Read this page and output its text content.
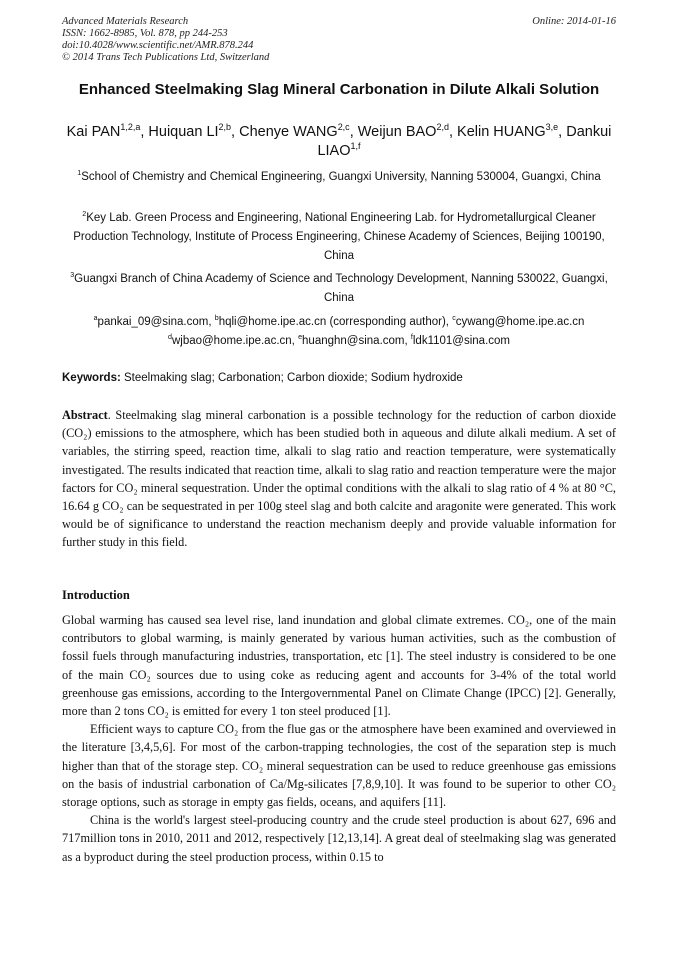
Advanced Materials Research
ISSN: 1662-8985, Vol. 878, pp 244-253
doi:10.4028/www.scientific.net/AMR.878.244
© 2014 Trans Tech Publications Ltd, Switzerland
Online: 2014-01-16
Enhanced Steelmaking Slag Mineral Carbonation in Dilute Alkali Solution
Kai PAN$^{1,2,a}$, Huiquan LI$^{2,b}$, Chenye WANG$^{2,c}$, Weijun BAO$^{2,d}$, Kelin HUANG$^{3,e}$, Dankui LIAO$^{1,f}$
$^1$School of Chemistry and Chemical Engineering, Guangxi University, Nanning 530004, Guangxi, China
$^2$Key Lab. Green Process and Engineering, National Engineering Lab. for Hydrometallurgical Cleaner Production Technology, Institute of Process Engineering, Chinese Academy of Sciences, Beijing 100190, China
$^3$Guangxi Branch of China Academy of Science and Technology Development, Nanning 530022, Guangxi, China
$^a$pankai_09@sina.com, $^b$hqli@home.ipe.ac.cn (corresponding author), $^c$cywang@home.ipe.ac.cn
$^d$wjbao@home.ipe.ac.cn, $^e$huanghn@sina.com, $^f$ldk1101@sina.com
Keywords: Steelmaking slag; Carbonation; Carbon dioxide; Sodium hydroxide

Abstract. Steelmaking slag mineral carbonation is a possible technology for the reduction of carbon dioxide (CO₂) emissions to the atmosphere, which has been studied both in aqueous and dilute alkali medium. A set of variables, the stirring speed, reaction time, alkali to slag ratio and reaction temperature, were systematically investigated. The results indicated that reaction time, alkali to slag ratio and reaction temperature were the major factors for CO₂ mineral sequestration. Under the optimal conditions with the alkali to slag ratio of 4 % at 80 °C, 16.64 g CO₂ can be sequestrated in per 100g steel slag and both calcite and aragonite were generated. This work would be of significance to understand the reaction mechanism deeply and provide valuable information for further study in this field.

Introduction

Global warming has caused sea level rise, land inundation and global climate extremes. CO₂, one of the main contributors to global warming, is mainly generated by various human activities, such as the combustion of fossil fuels through manufacturing industries, transportation, etc [1]. The steel industry is considered to be one of the main CO₂ sources due to using coke as reducing agent and accounts for 3-4% of the total world greenhouse gas emissions, according to the Intergovernmental Panel on Climate Change (IPCC) [2]. Generally, more than 2 tons CO₂ is emitted for every 1 ton steel produced [1].

Efficient ways to capture CO₂ from the flue gas or the atmosphere have been examined and overviewed in the literature [3,4,5,6]. For most of the carbon-trapping technologies, the cost of the separation step is much higher than that of the storage step. CO₂ mineral sequestration can be used to reduce greenhouse gas emissions on the basis of industrial carbonation of Ca/Mg-silicates [7,8,9,10]. It was found to be superior to other CO₂ storage options, such as storage in empty gas fields, oceans, and aquifers [11].

China is the world's largest steel-producing country and the crude steel production is about 627, 696 and 717million tons in 2010, 2011 and 2012, respectively [12,13,14]. A great deal of steelmaking slag was generated as a byproduct during the steel production process, within 0.15 to
